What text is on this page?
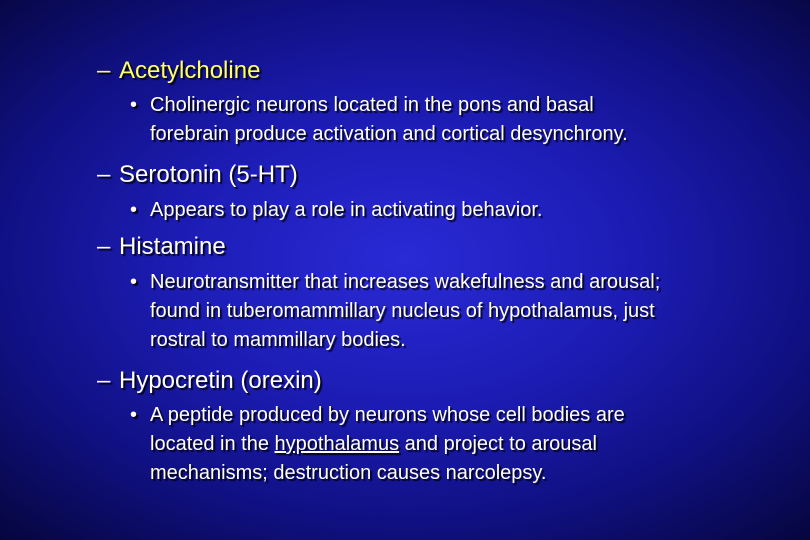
– Acetylcholine

• Cholinergic neurons located in the pons and basal
forebrain produce activation and cortical desynchrony.

– Serotonin (5-HT)

• Appears to play a role in activating behavior.

– Histamine

• Neurotransmitter that increases wakefulness and arousal;
found in tuberomammillary nucleus of hypothalamus, just
rostral to mammillary bodies.

– Hypocretin (orexin)

• A peptide produced by neurons whose cell bodies are
located in the hypothalamus and project to arousal
mechanisms; destruction causes narcolepsy.
